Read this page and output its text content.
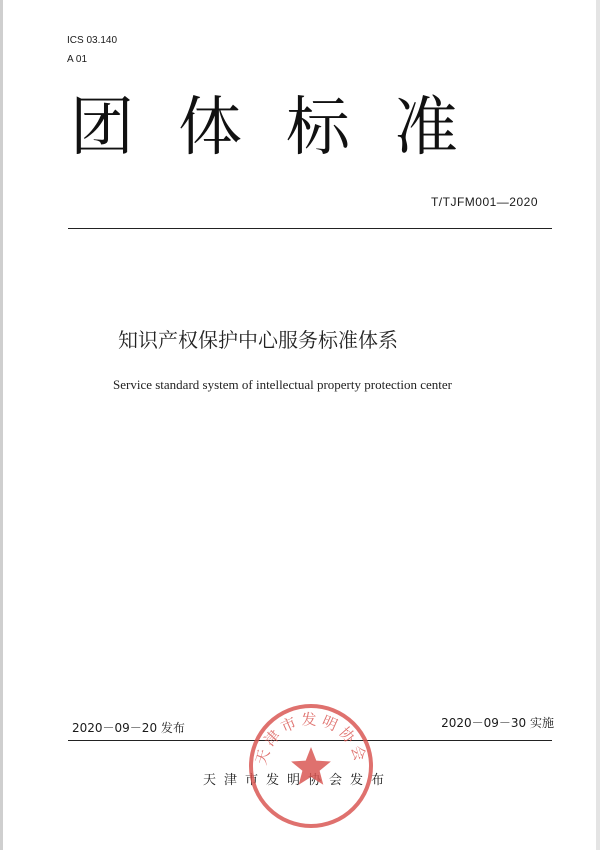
ICS 03.140
A 01
团体标准
T/TJFM001—2020
知识产权保护中心服务标准体系
Service standard system of intellectual property protection center
2020－09－20 发布	2020－09－30 实施
天津市发明协会发布
天津市发明协会
